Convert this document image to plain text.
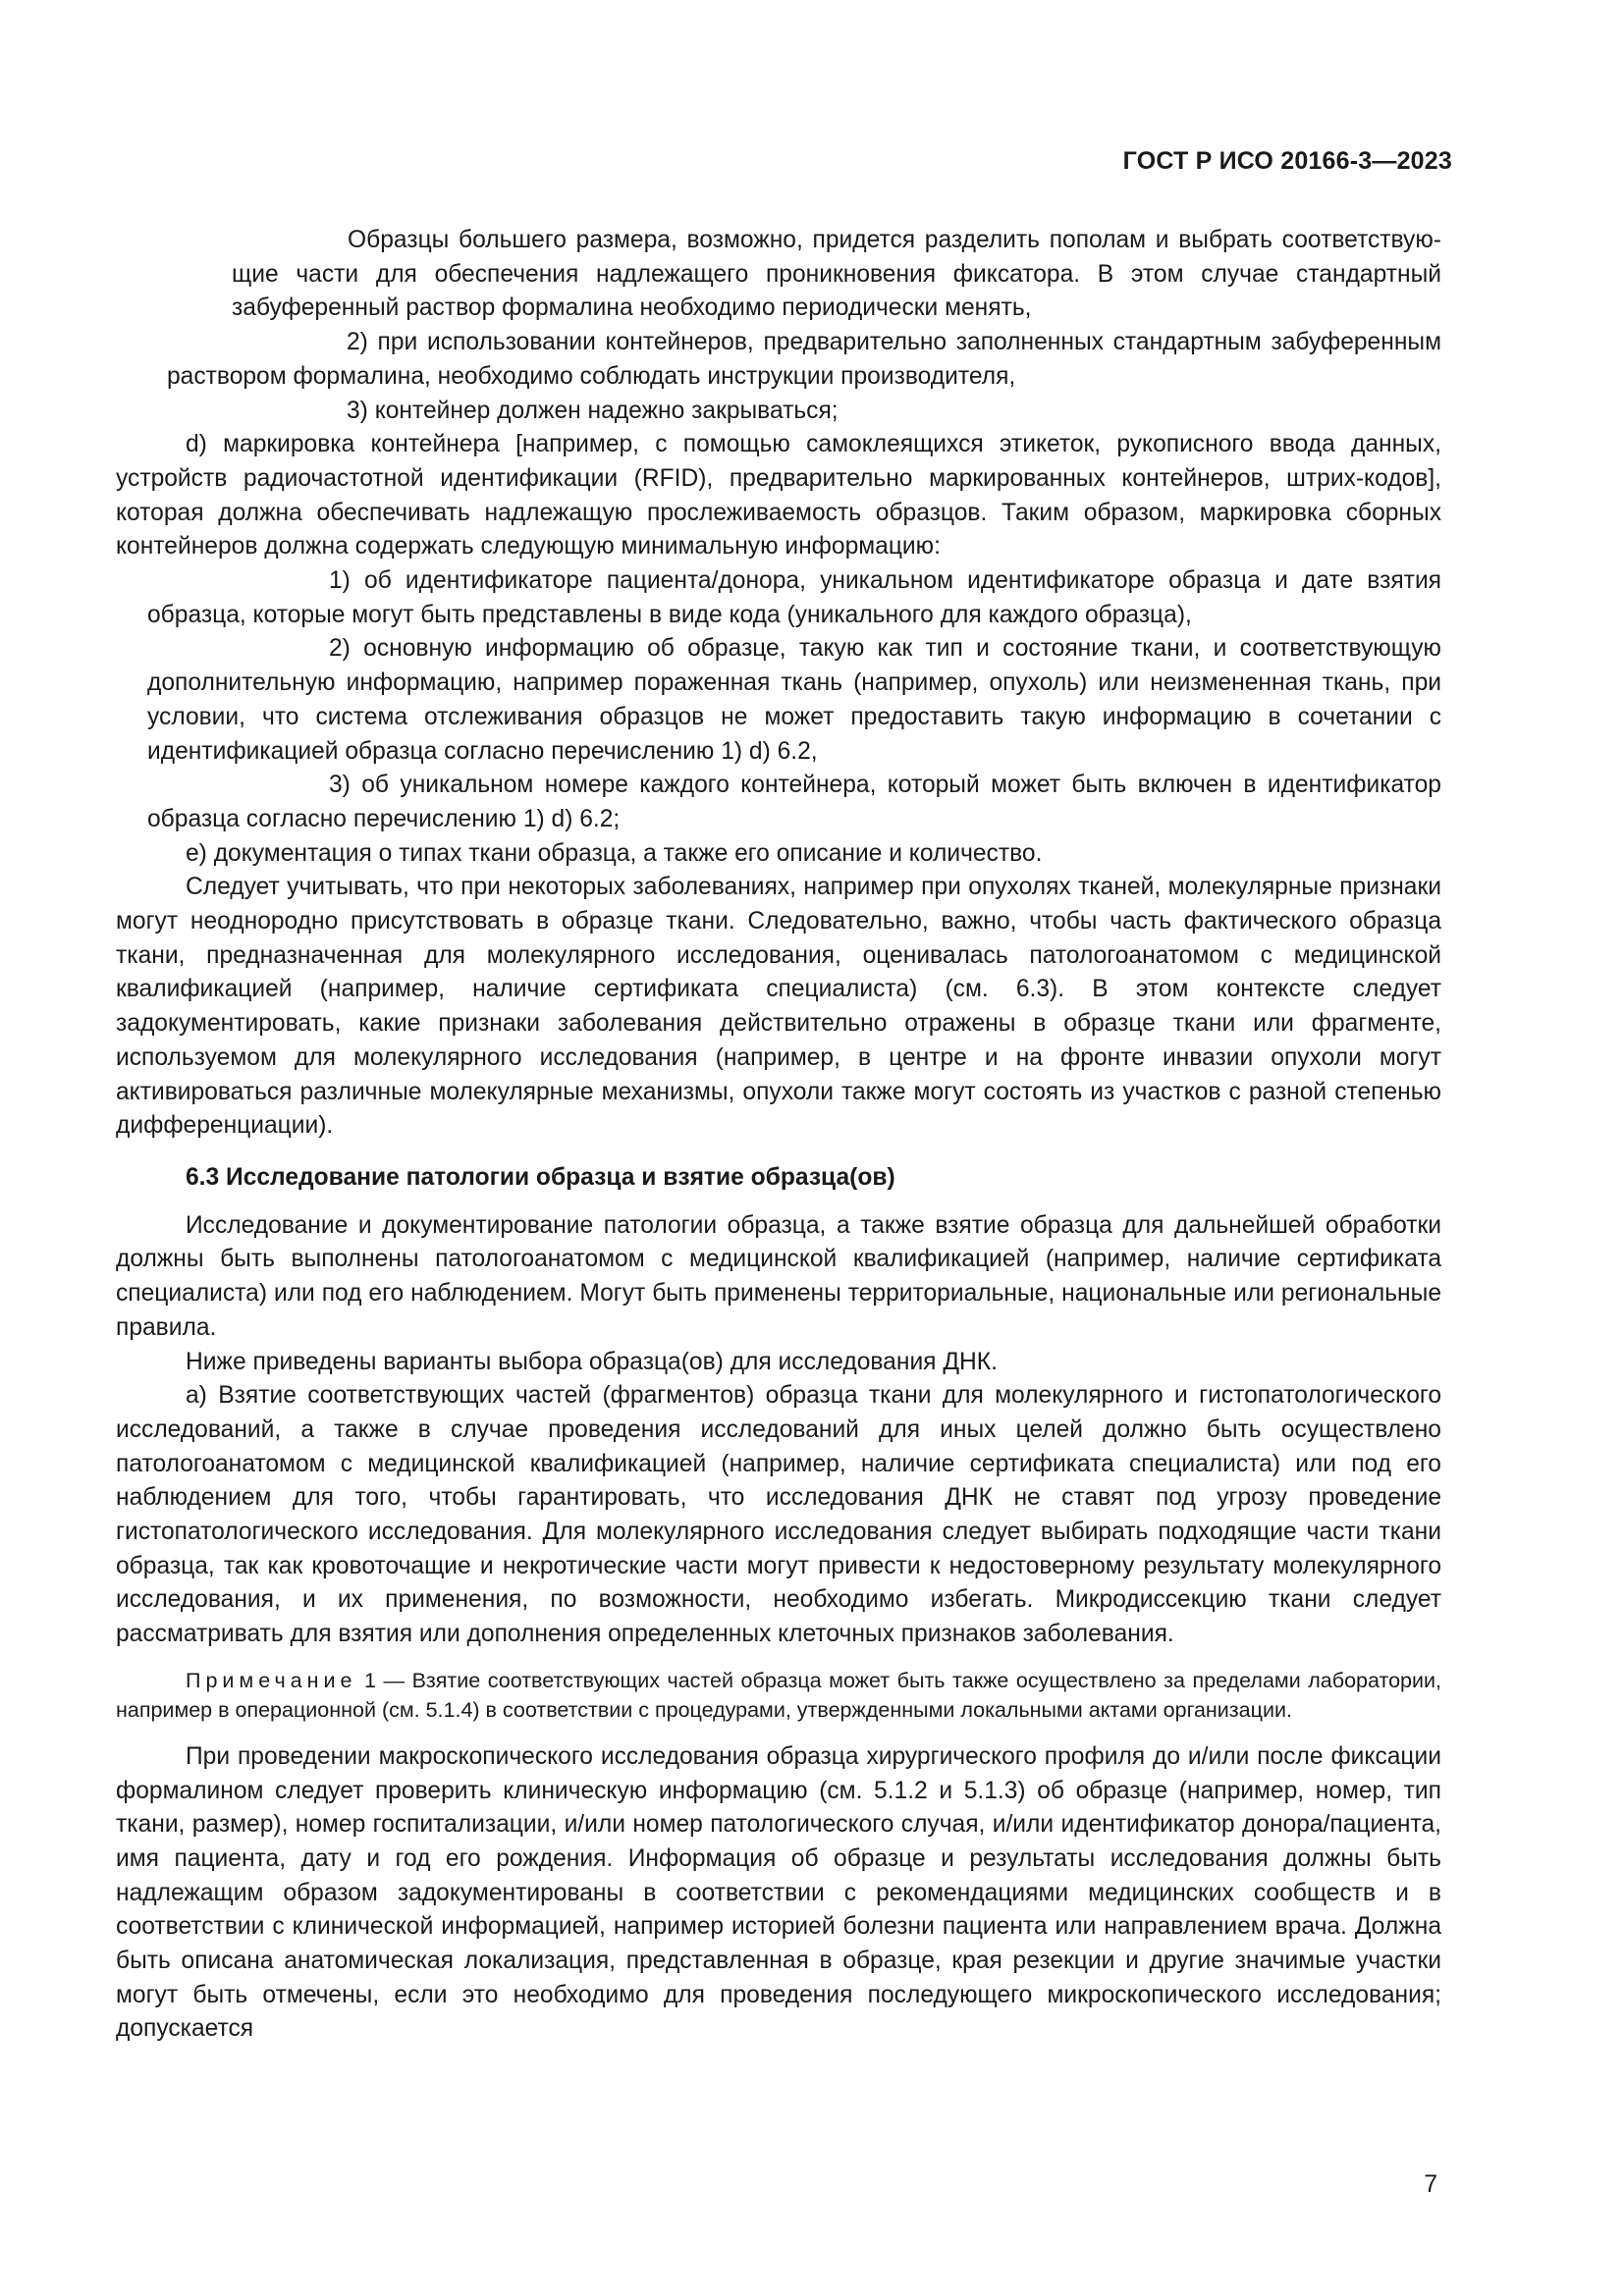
ГОСТ Р ИСО 20166-3—2023

Образцы большего размера, возможно, придется разделить пополам и выбрать соответствующие части для обеспечения надлежащего проникновения фиксатора. В этом случае стандартный забуференный раствор формалина необходимо периодически менять,

2) при использовании контейнеров, предварительно заполненных стандартным забуференным раствором формалина, необходимо соблюдать инструкции производителя,

3) контейнер должен надежно закрываться;

d) маркировка контейнера [например, с помощью самоклеящихся этикеток, рукописного ввода данных, устройств радиочастотной идентификации (RFID), предварительно маркированных контейнеров, штрих-кодов], которая должна обеспечивать надлежащую прослеживаемость образцов. Таким образом, маркировка сборных контейнеров должна содержать следующую минимальную информацию:

1) об идентификаторе пациента/донора, уникальном идентификаторе образца и дате взятия образца, которые могут быть представлены в виде кода (уникального для каждого образца),

2) основную информацию об образце, такую как тип и состояние ткани, и соответствующую дополнительную информацию, например пораженная ткань (например, опухоль) или неизмененная ткань, при условии, что система отслеживания образцов не может предоставить такую информацию в сочетании с идентификацией образца согласно перечислению 1) d) 6.2,

3) об уникальном номере каждого контейнера, который может быть включен в идентификатор образца согласно перечислению 1) d) 6.2;

e) документация о типах ткани образца, а также его описание и количество.

Следует учитывать, что при некоторых заболеваниях, например при опухолях тканей, молекулярные признаки могут неоднородно присутствовать в образце ткани. Следовательно, важно, чтобы часть фактического образца ткани, предназначенная для молекулярного исследования, оценивалась патологоанатомом с медицинской квалификацией (например, наличие сертификата специалиста) (см. 6.3). В этом контексте следует задокументировать, какие признаки заболевания действительно отражены в образце ткани или фрагменте, используемом для молекулярного исследования (например, в центре и на фронте инвазии опухоли могут активироваться различные молекулярные механизмы, опухоли также могут состоять из участков с разной степенью дифференциации).

6.3 Исследование патологии образца и взятие образца(ов)

Исследование и документирование патологии образца, а также взятие образца для дальнейшей обработки должны быть выполнены патологоанатомом с медицинской квалификацией (например, наличие сертификата специалиста) или под его наблюдением. Могут быть применены территориальные, национальные или региональные правила.

Ниже приведены варианты выбора образца(ов) для исследования ДНК.

a) Взятие соответствующих частей (фрагментов) образца ткани для молекулярного и гистопатологического исследований, а также в случае проведения исследований для иных целей должно быть осуществлено патологоанатомом с медицинской квалификацией (например, наличие сертификата специалиста) или под его наблюдением для того, чтобы гарантировать, что исследования ДНК не ставят под угрозу проведение гистопатологического исследования. Для молекулярного исследования следует выбирать подходящие части ткани образца, так как кровоточащие и некротические части могут привести к недостоверному результату молекулярного исследования, и их применения, по возможности, необходимо избегать. Микродиссекцию ткани следует рассматривать для взятия или дополнения определенных клеточных признаков заболевания.

Примечание 1 — Взятие соответствующих частей образца может быть также осуществлено за пределами лаборатории, например в операционной (см. 5.1.4) в соответствии с процедурами, утвержденными локальными актами организации.

При проведении макроскопического исследования образца хирургического профиля до и/или после фиксации формалином следует проверить клиническую информацию (см. 5.1.2 и 5.1.3) об образце (например, номер, тип ткани, размер), номер госпитализации, и/или номер патологического случая, и/или идентификатор донора/пациента, имя пациента, дату и год его рождения. Информация об образце и результаты исследования должны быть надлежащим образом задокументированы в соответствии с рекомендациями медицинских сообществ и в соответствии с клинической информацией, например историей болезни пациента или направлением врача. Должна быть описана анатомическая локализация, представленная в образце, края резекции и другие значимые участки могут быть отмечены, если это необходимо для проведения последующего микроскопического исследования; допускается

7
